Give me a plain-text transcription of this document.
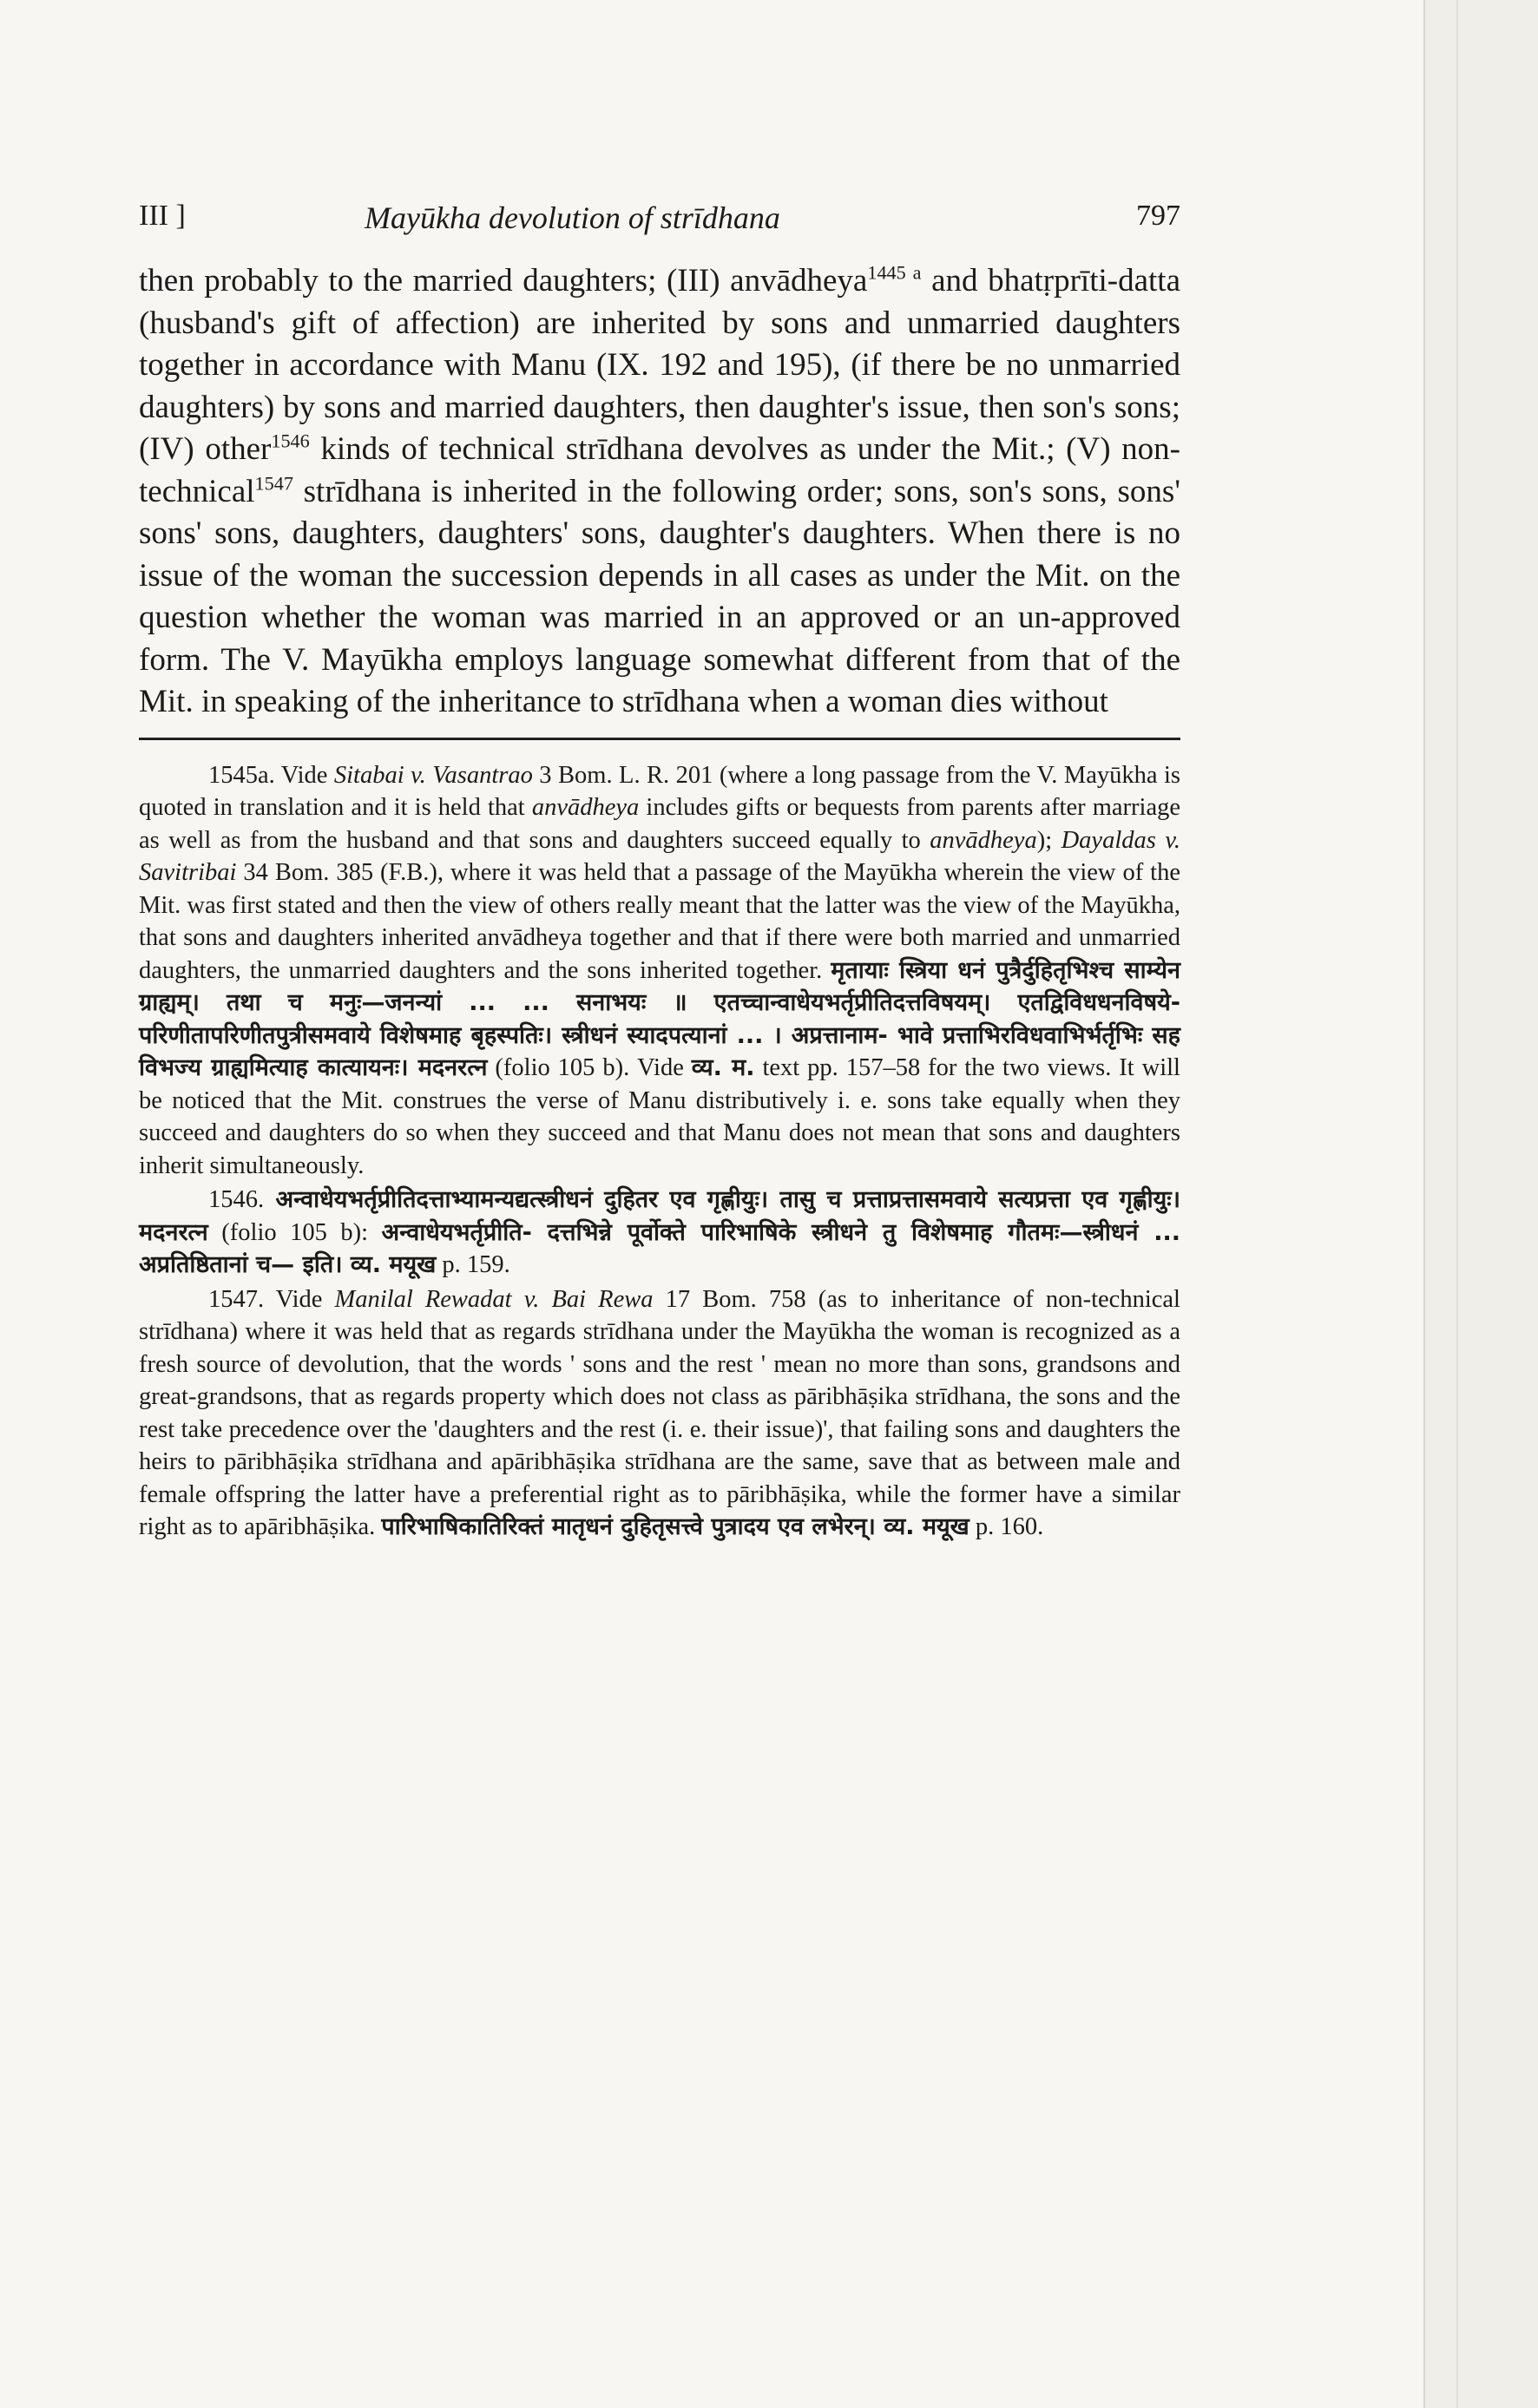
III ]	Mayūkha devolution of strīdhana	797
then probably to the married daughters; (III) anvādheya$^{1445 a}$ and bhatṛprīti-datta (husband's gift of affection) are inherited by sons and unmarried daughters together in accordance with Manu (IX. 192 and 195), (if there be no unmarried daughters) by sons and married daughters, then daughter's issue, then son's sons; (IV) other$^{1546}$ kinds of technical strīdhana devolves as under the Mit.; (V) non-technical$^{1547}$ strīdhana is inherited in the following order; sons, son's sons, sons' sons' sons, daughters, daughters' sons, daughter's daughters. When there is no issue of the woman the succession depends in all cases as under the Mit. on the question whether the woman was married in an approved or an un-approved form. The V. Mayūkha employs language somewhat different from that of the Mit. in speaking of the inheritance to strīdhana when a woman dies without

1545a. Vide Sitabai v. Vasantrao 3 Bom. L. R. 201 (where a long passage from the V. Mayūkha is quoted in translation and it is held that anvādheya includes gifts or bequests from parents after marriage as well as from the husband and that sons and daughters succeed equally to anvādheya); Dayaldas v. Savitribai 34 Bom. 385 (F.B.), where it was held that a passage of the Mayūkha wherein the view of the Mit. was first stated and then the view of others really meant that the latter was the view of the Mayūkha, that sons and daughters inherited anvādheya together and that if there were both married and unmarried daughters, the unmarried daughters and the sons inherited together. मृतायाः स्त्रिया धनं पुत्रैर्दुहितृभिश्च साम्येन ग्राह्यम्। तथा च मनुः—जनन्यां ... ... सनाभयः ॥ एतच्चान्वाधेयभर्तृप्रीतिदत्तविषयम्। एतद्विविधधनविषये- परिणीतापरिणीतपुत्रीसमवाये विशेषमाह बृहस्पतिः। स्त्रीधनं स्यादपत्यानां ... । अप्रत्तानाम- भावे प्रत्ताभिरविधवाभिर्भर्तृभिः सह विभज्य ग्राह्यमित्याह कात्यायनः। मदनरत्न (folio 105 b). Vide व्य. म. text pp. 157–58 for the two views. It will be noticed that the Mit. construes the verse of Manu distributively i. e. sons take equally when they succeed and daughters do so when they succeed and that Manu does not mean that sons and daughters inherit simultaneously.

1546. अन्वाधेयभर्तृप्रीतिदत्ताभ्यामन्यद्यत्स्त्रीधनं दुहितर एव गृह्णीयुः। तासु च प्रत्ताप्रत्तासमवाये सत्यप्रत्ता एव गृह्णीयुः। मदनरत्न (folio 105 b): अन्वाधेयभर्तृप्रीति- दत्तभिन्ने पूर्वोक्ते पारिभाषिके स्त्रीधने तु विशेषमाह गौतमः—स्त्रीधनं ... अप्रतिष्ठितानां च— इति। व्य. मयूख p. 159.

1547. Vide Manilal Rewadat v. Bai Rewa 17 Bom. 758 (as to inheritance of non-technical strīdhana) where it was held that as regards strīdhana under the Mayūkha the woman is recognized as a fresh source of devolution, that the words ' sons and the rest ' mean no more than sons, grandsons and great-grandsons, that as regards property which does not class as pāribhāṣika strīdhana, the sons and the rest take precedence over the 'daughters and the rest (i. e. their issue)', that failing sons and daughters the heirs to pāribhāṣika strīdhana and apāribhāṣika strīdhana are the same, save that as between male and female offspring the latter have a preferential right as to pāribhāṣika, while the former have a similar right as to apāribhāṣika. पारिभाषिकातिरिक्तं मातृधनं दुहितृसत्त्वे पुत्रादय एव लभेरन्। व्य. मयूख p. 160.
